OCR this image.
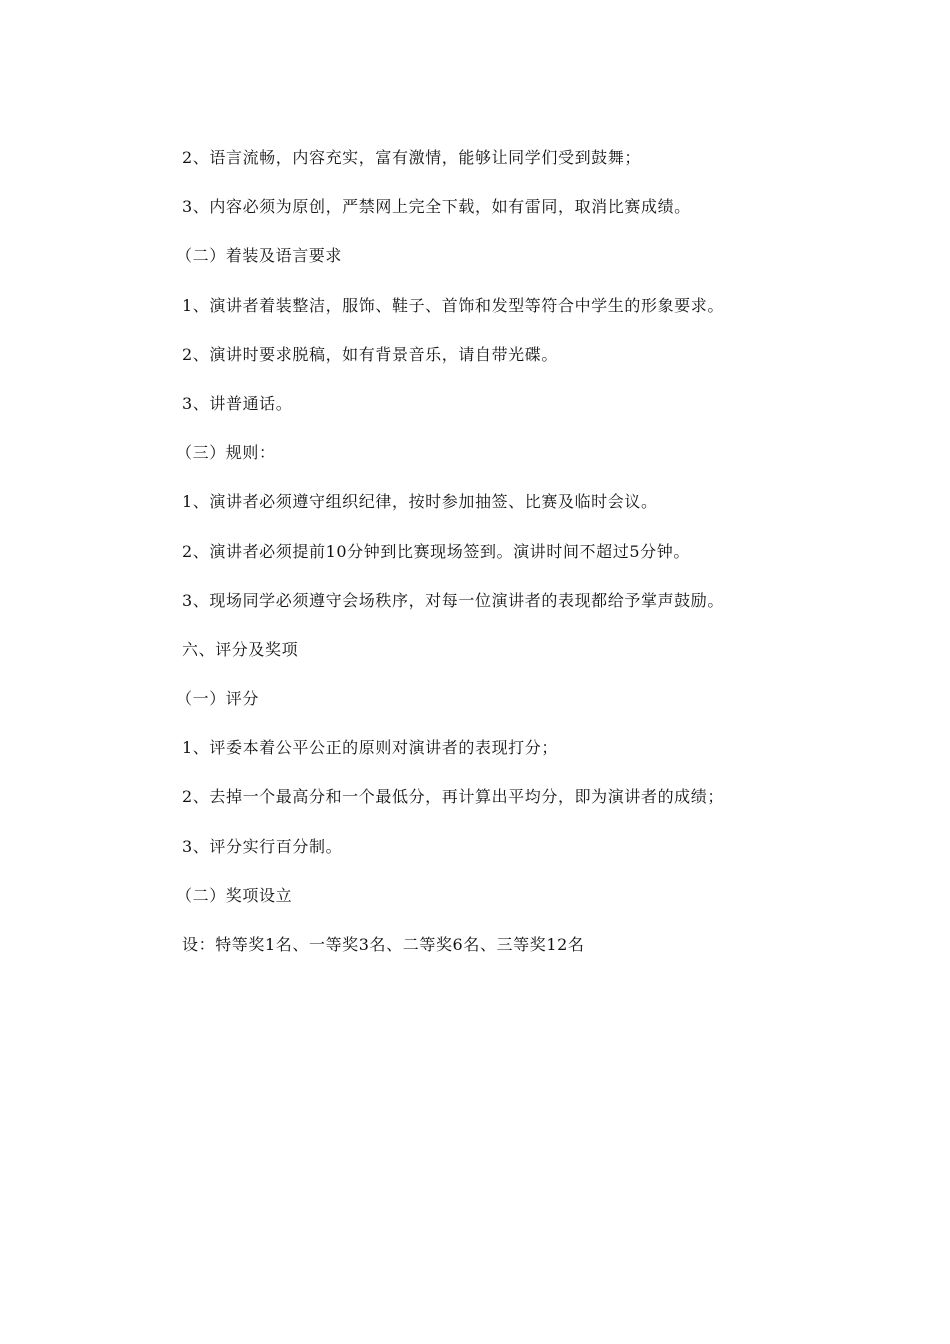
2、语言流畅，内容充实，富有激情，能够让同学们受到鼓舞；
3、内容必须为原创，严禁网上完全下载，如有雷同，取消比赛成绩。
（二）着装及语言要求
1、演讲者着装整洁，服饰、鞋子、首饰和发型等符合中学生的形象要求。
2、演讲时要求脱稿，如有背景音乐，请自带光碟。
3、讲普通话。
（三）规则：
1、演讲者必须遵守组织纪律，按时参加抽签、比赛及临时会议。
2、演讲者必须提前10分钟到比赛现场签到。演讲时间不超过5分钟。
3、现场同学必须遵守会场秩序，对每一位演讲者的表现都给予掌声鼓励。
六、评分及奖项
（一）评分
1、评委本着公平公正的原则对演讲者的表现打分；
2、去掉一个最高分和一个最低分，再计算出平均分，即为演讲者的成绩；
3、评分实行百分制。
（二）奖项设立
设：特等奖1名、一等奖3名、二等奖6名、三等奖12名
